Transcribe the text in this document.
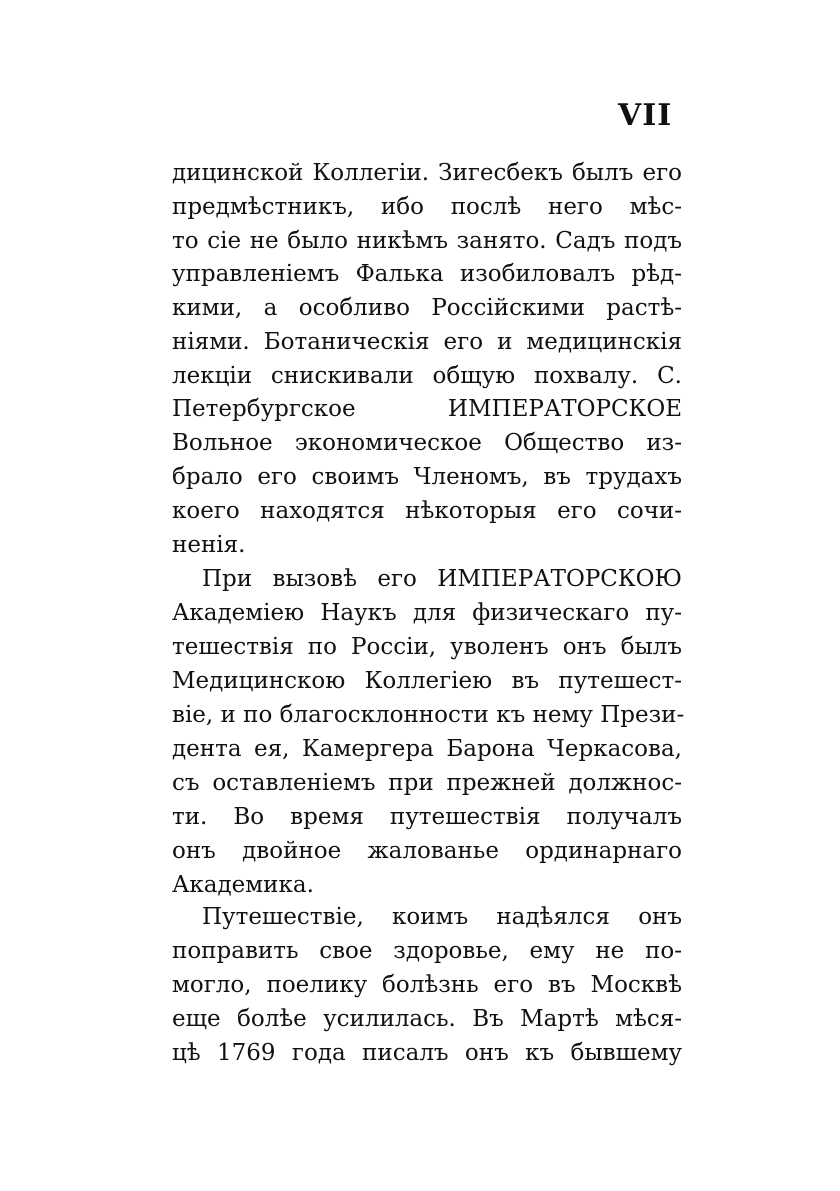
VII
дицинской Коллегіи. Зигесбекъ былъ его
предмѣстникъ, ибо послѣ него мѣс-
то сіе не было никѣмъ занято. Садъ подъ
управленіемъ Фалька изобиловалъ рѣд-
кими, а особливо Россійскими растѣ-
ніями. Ботаническія его и медицинскія
лекціи снискивали общую похвалу. С.
Петербургское ИМПЕРАТОРСКОЕ
Вольное экономическое Общество из-
брало его своимъ Членомъ, въ трудахъ
коего находятся нѣкоторыя его сочи-
ненія.
При вызовѣ его ИМПЕРАТОРСКОЮ
Академіею Наукъ для физическаго пу-
тешествія по Россіи, уволенъ онъ былъ
Медицинскою Коллегіею въ путешест-
віе, и по благосклонности къ нему Прези-
дента ея, Камергера Барона Черкасова,
съ оставленіемъ при прежней должнос-
ти. Во время путешествія получалъ
онъ двойное жалованье ординарнаго
Академика.
Путешествіе, коимъ надѣялся онъ
поправить свое здоровье, ему не по-
могло, поелику болѣзнь его въ Москвѣ
еще болѣе усилилась. Въ Мартѣ мѣся-
цѣ 1769 года писалъ онъ къ бывшему
